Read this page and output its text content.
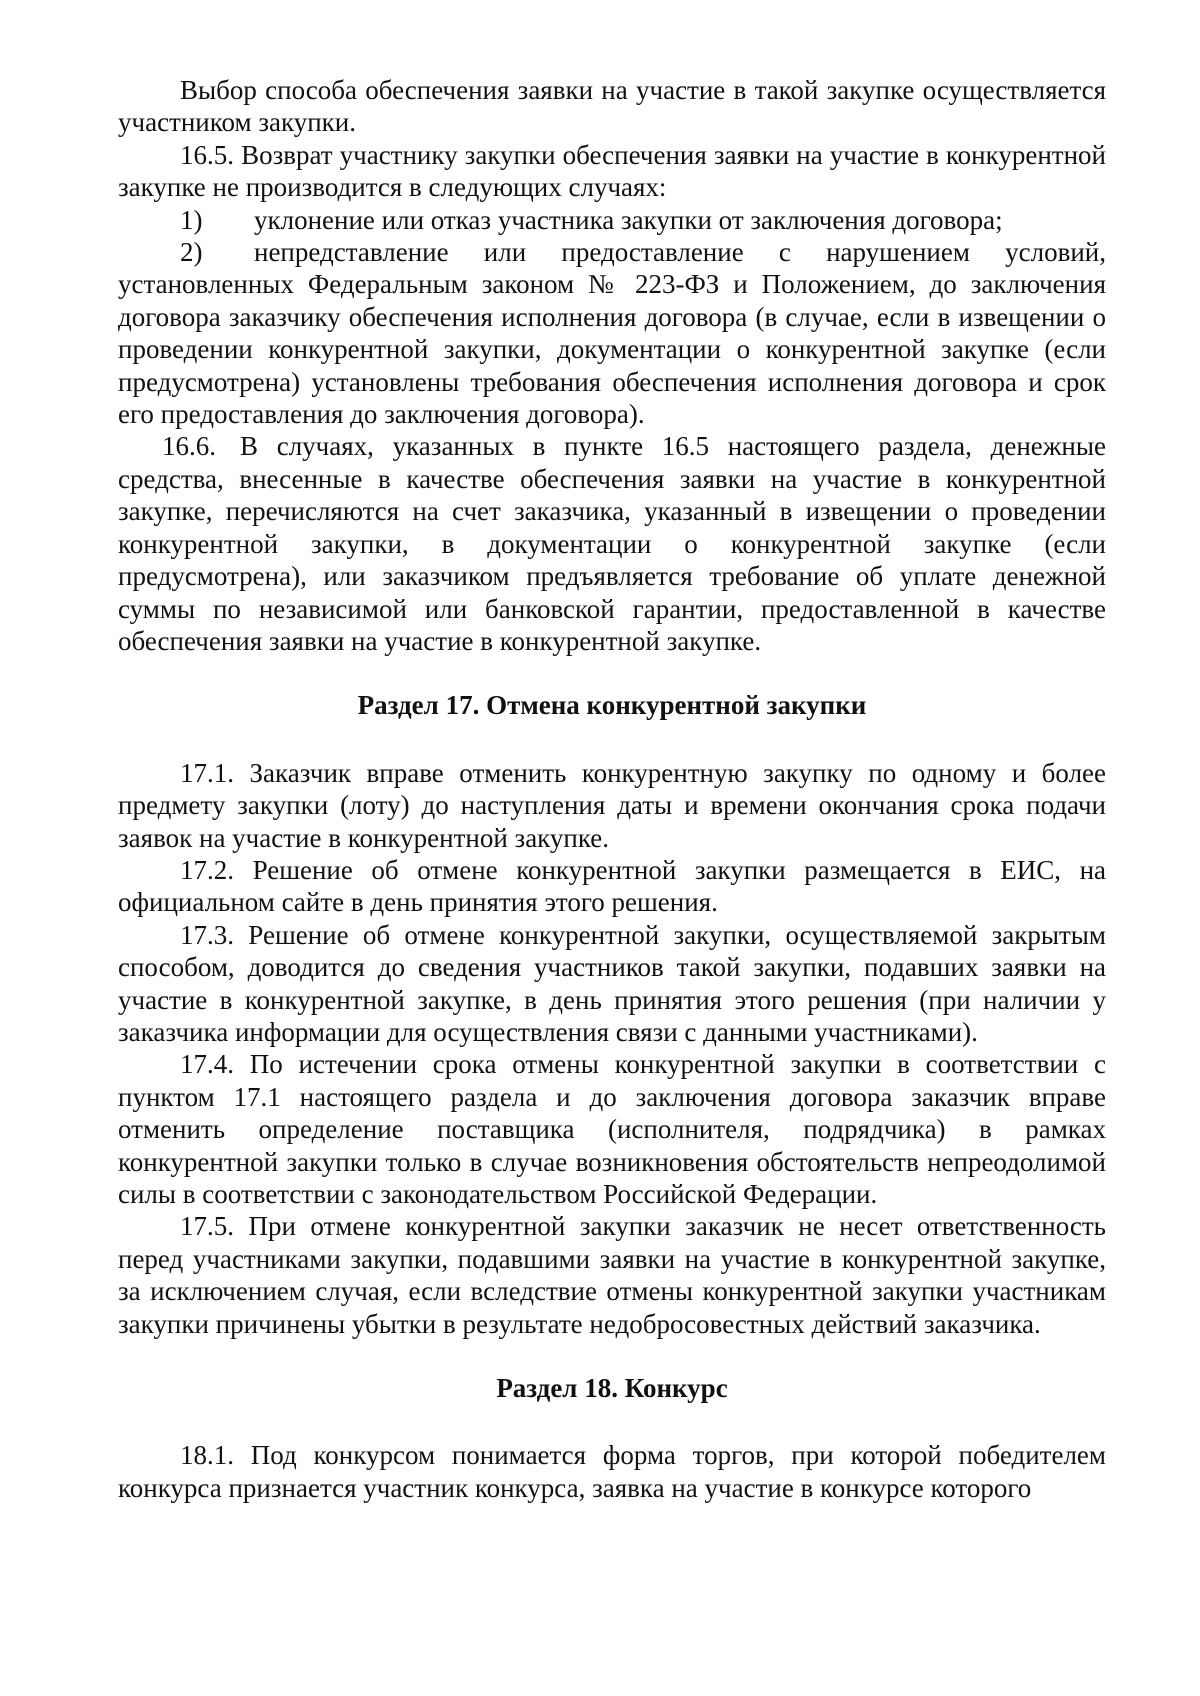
Выбор способа обеспечения заявки на участие в такой закупке осуществляется участником закупки.

16.5. Возврат участнику закупки обеспечения заявки на участие в конкурентной закупке не производится в следующих случаях:

1) уклонение или отказ участника закупки от заключения договора;

2) непредставление или предоставление с нарушением условий, установленных Федеральным законом № 223-ФЗ и Положением, до заключения договора заказчику обеспечения исполнения договора (в случае, если в извещении о проведении конкурентной закупки, документации о конкурентной закупке (если предусмотрена) установлены требования обеспечения исполнения договора и срок его предоставления до заключения договора).

16.6. В случаях, указанных в пункте 16.5 настоящего раздела, денежные средства, внесенные в качестве обеспечения заявки на участие в конкурентной закупке, перечисляются на счет заказчика, указанный в извещении о проведении конкурентной закупки, в документации о конкурентной закупке (если предусмотрена), или заказчиком предъявляется требование об уплате денежной суммы по независимой или банковской гарантии, предоставленной в качестве обеспечения заявки на участие в конкурентной закупке.

Раздел 17. Отмена конкурентной закупки

17.1. Заказчик вправе отменить конкурентную закупку по одному и более предмету закупки (лоту) до наступления даты и времени окончания срока подачи заявок на участие в конкурентной закупке.

17.2. Решение об отмене конкурентной закупки размещается в ЕИС, на официальном сайте в день принятия этого решения.

17.3. Решение об отмене конкурентной закупки, осуществляемой закрытым способом, доводится до сведения участников такой закупки, подавших заявки на участие в конкурентной закупке, в день принятия этого решения (при наличии у заказчика информации для осуществления связи с данными участниками).

17.4. По истечении срока отмены конкурентной закупки в соответствии с пунктом 17.1 настоящего раздела и до заключения договора заказчик вправе отменить определение поставщика (исполнителя, подрядчика) в рамках конкурентной закупки только в случае возникновения обстоятельств непреодолимой силы в соответствии с законодательством Российской Федерации.

17.5. При отмене конкурентной закупки заказчик не несет ответственность перед участниками закупки, подавшими заявки на участие в конкурентной закупке, за исключением случая, если вследствие отмены конкурентной закупки участникам закупки причинены убытки в результате недобросовестных действий заказчика.

Раздел 18. Конкурс

18.1. Под конкурсом понимается форма торгов, при которой победителем конкурса признается участник конкурса, заявка на участие в конкурсе которого
